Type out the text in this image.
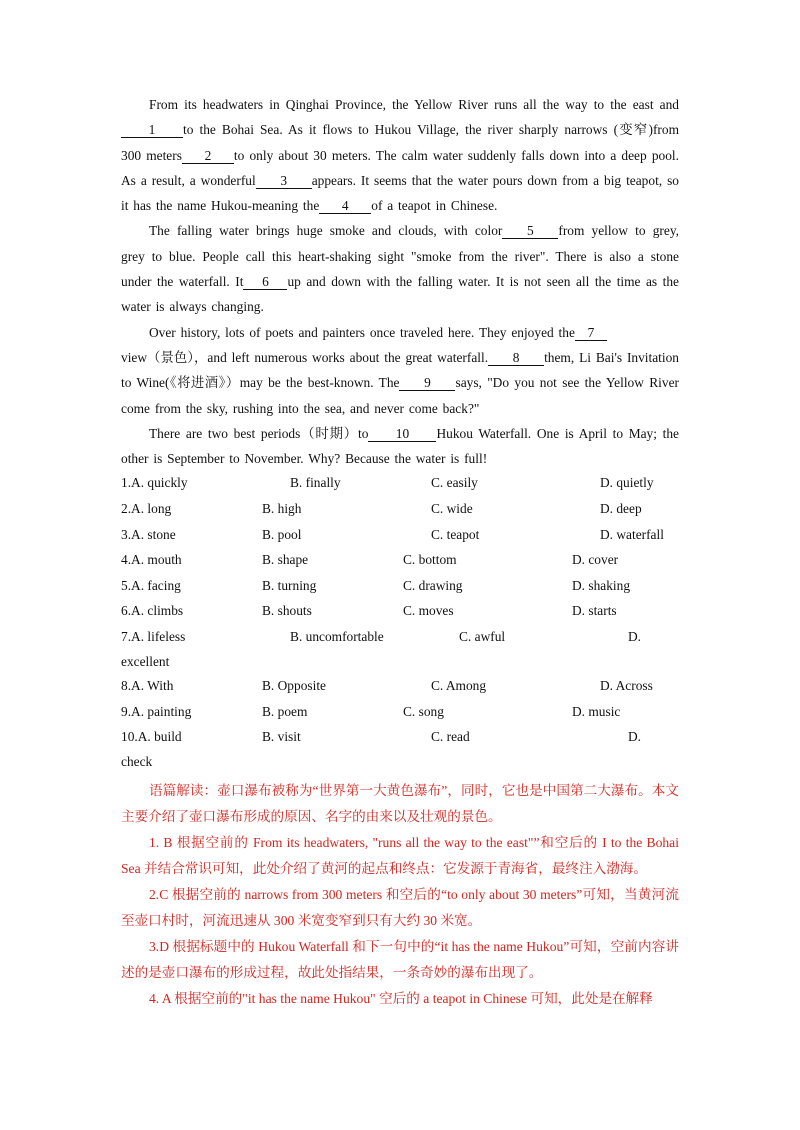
From its headwaters in Qinghai Province, the Yellow River runs all the way to the east and1 to the Bohai Sea. As it flows to Hukou Village, the river sharply narrows (变窄)from 300 meters 2 to only about 30 meters. The calm water suddenly falls down into a deep pool. As a result, a wonderful 3 appears. It seems that the water pours down from a big teapot, so it has the name Hukou-meaning the 4 of a teapot in Chinese.

The falling water brings huge smoke and clouds, with color 5 from yellow to grey, grey to blue. People call this heart-shaking sight "smoke from the river". There is also a stone under the waterfall. It 6 up and down with the falling water. It is not seen all the time as the water is always changing.

Over history, lots of poets and painters once traveled here. They enjoyed the 7
view（景色），and left numerous works about the great waterfall. 8 them, Li Bai's Invitation to Wine(《将进酒》）may be the best-known. The 9 says, "Do you not see the Yellow River come from the sky, rushing into the sea, and never come back?"

There are two best periods（时期）to 10 Hukou Waterfall. One is April to May; the other is September to November. Why? Because the water is full!

1.A. quickly	B. finally	C. easily	D. quietly
2.A. long	B. high	C. wide	D. deep
3.A. stone	B. pool	C. teapot	D. waterfall
4.A. mouth	B. shape	C. bottom	D. cover
5.A. facing	B. turning	C. drawing	D. shaking
6.A. climbs	B. shouts	C. moves	D. starts
7.A. lifeless	B. uncomfortable	C. awful	D.
excellent
8.A. With	B. Opposite	C. Among	D. Across
9.A. painting	B. poem	C. song	D. music
10.A. build	B. visit	C. read	D.
check

语篇解读：壶口瀑布被称为“世界第一大黄色瀑布”，同时，它也是中国第二大瀑布。本文主要介绍了壶口瀑布形成的原因、名字的由来以及壮观的景色。

1. B 根据空前的 From its headwaters, "runs all the way to the east"”和空后的 I to the Bohai Sea 并结合常识可知，此处介绍了黄河的起点和终点：它发源于青海省，最终注入渤海。

2.C 根据空前的 narrows from 300 meters 和空后的“to only about 30 meters”可知，当黄河流至壶口村时，河流迅速从 300 米宽变窄到只有大约 30 米宽。

3.D 根据标题中的 Hukou Waterfall 和下一句中的“it has the name Hukou”可知，空前内容讲述的是壶口瀑布的形成过程，故此处指结果，一条奇妙的瀑布出现了。

4. A 根据空前的"it has the name Hukou" 空后的 a teapot in Chinese 可知，此处是在解释
